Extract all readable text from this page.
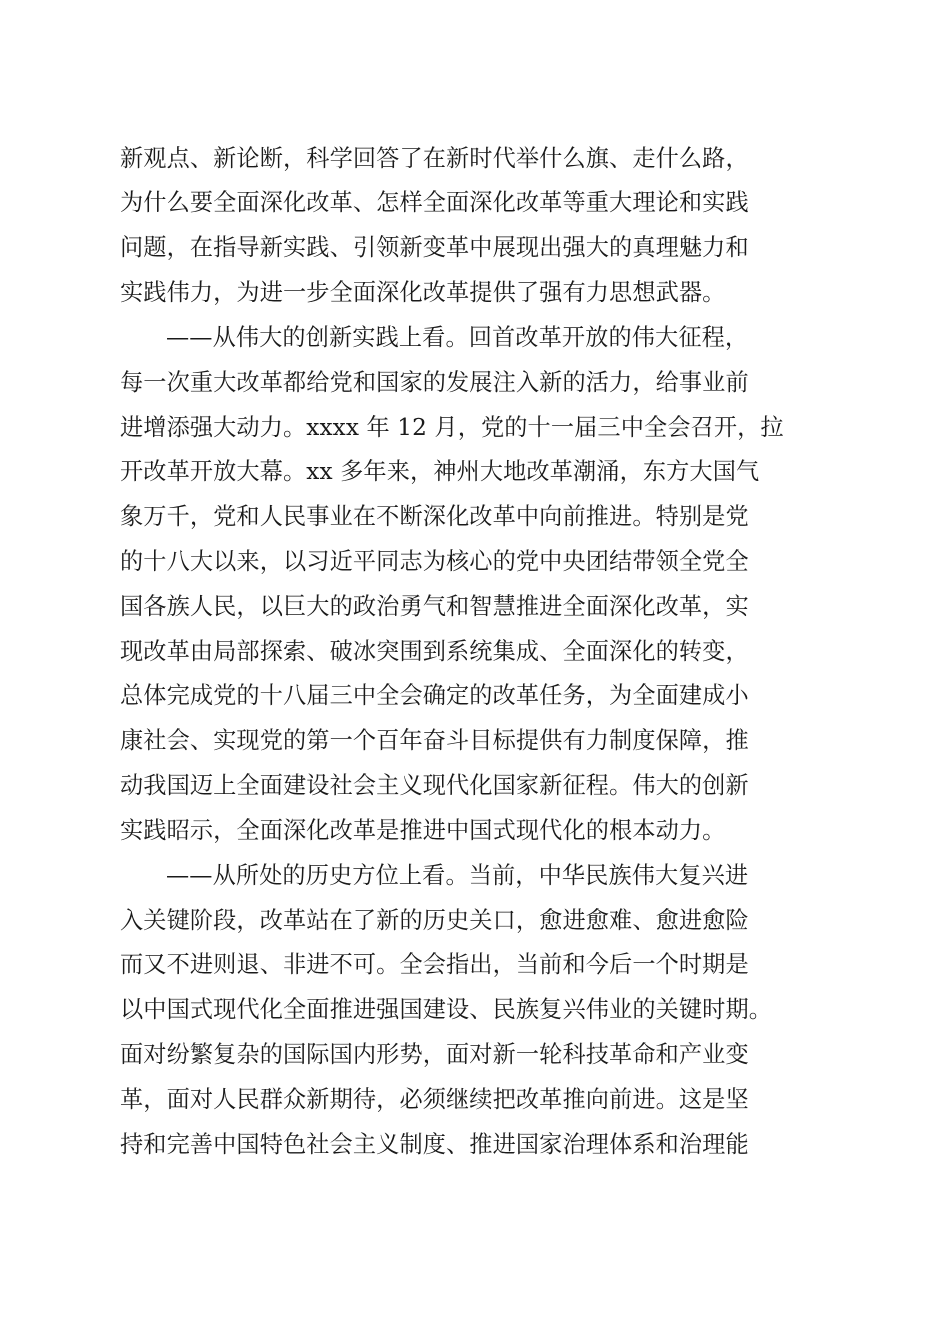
新观点、新论断，科学回答了在新时代举什么旗、走什么路，
为什么要全面深化改革、怎样全面深化改革等重大理论和实践
问题，在指导新实践、引领新变革中展现出强大的真理魅力和
实践伟力，为进一步全面深化改革提供了强有力思想武器。
——从伟大的创新实践上看。回首改革开放的伟大征程，
每一次重大改革都给党和国家的发展注入新的活力，给事业前
进增添强大动力。xxxx 年 12 月，党的十一届三中全会召开，拉
开改革开放大幕。xx 多年来，神州大地改革潮涌，东方大国气
象万千，党和人民事业在不断深化改革中向前推进。特别是党
的十八大以来，以习近平同志为核心的党中央团结带领全党全
国各族人民，以巨大的政治勇气和智慧推进全面深化改革，实
现改革由局部探索、破冰突围到系统集成、全面深化的转变，
总体完成党的十八届三中全会确定的改革任务，为全面建成小
康社会、实现党的第一个百年奋斗目标提供有力制度保障，推
动我国迈上全面建设社会主义现代化国家新征程。伟大的创新
实践昭示，全面深化改革是推进中国式现代化的根本动力。
——从所处的历史方位上看。当前，中华民族伟大复兴进
入关键阶段，改革站在了新的历史关口，愈进愈难、愈进愈险
而又不进则退、非进不可。全会指出，当前和今后一个时期是
以中国式现代化全面推进强国建设、民族复兴伟业的关键时期。
面对纷繁复杂的国际国内形势，面对新一轮科技革命和产业变
革，面对人民群众新期待，必须继续把改革推向前进。这是坚
持和完善中国特色社会主义制度、推进国家治理体系和治理能
